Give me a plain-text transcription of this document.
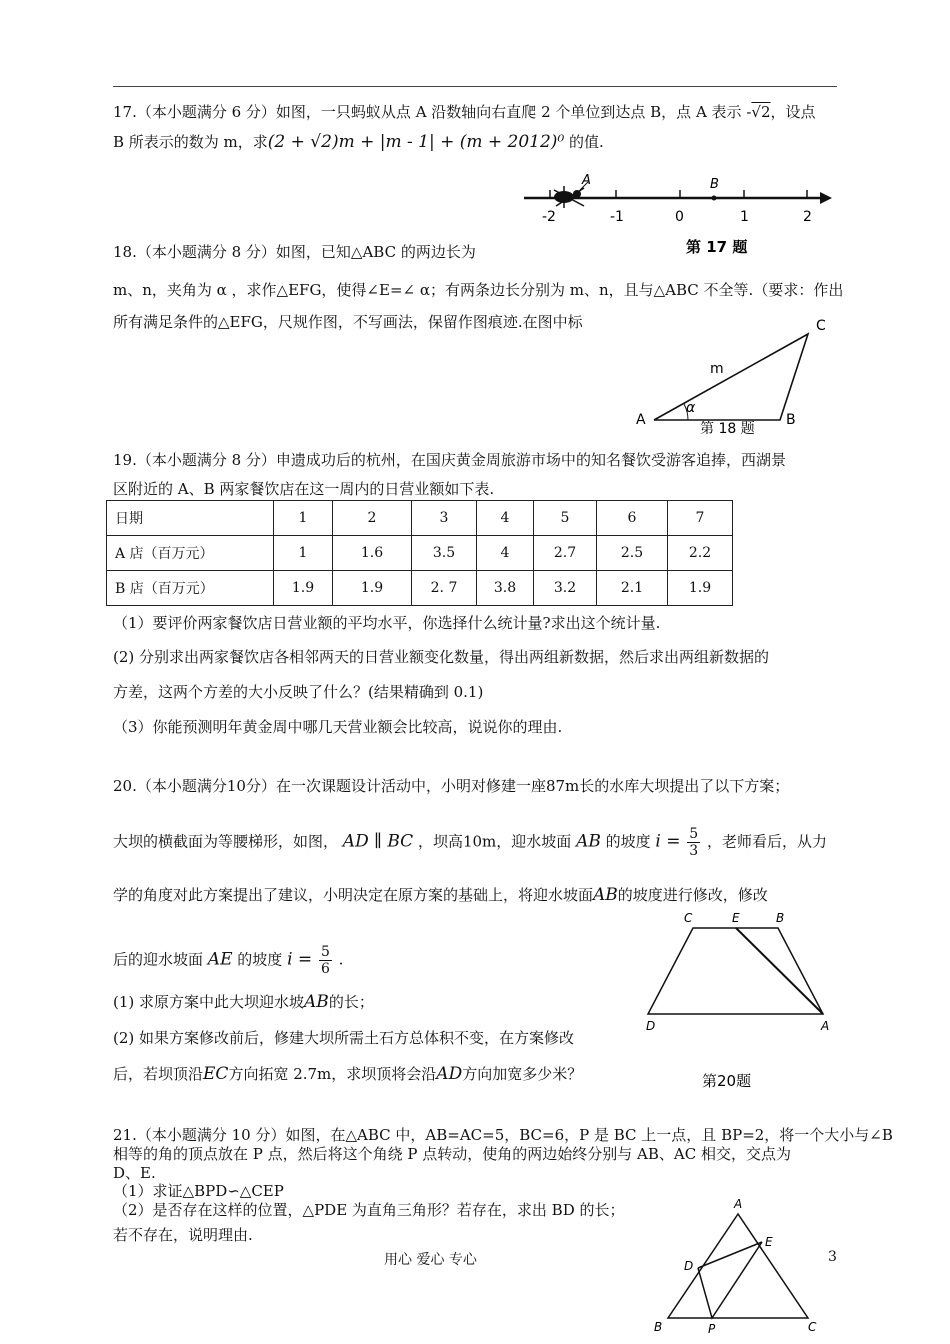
17.（本小题满分 6 分）如图，一只蚂蚁从点 A 沿数轴向右直爬 2 个单位到达点 B，点 A 表示 -√2，设点
B 所表示的数为 m，求(2 + √2)m + |m - 1| + (m + 2012)⁰ 的值.
-2	-1	0	1	2
A	B
第 17 题
18.（本小题满分 8 分）如图，已知△ABC 的两边长为
m、n，夹角为 α ，求作△EFG，使得∠E=∠ α；有两条边长分别为 m、n，且与△ABC 不全等.（要求：作出
所有满足条件的△EFG，尺规作图，不写画法，保留作图痕迹.在图中标
A	B
C
m
α
第 18 题
19.（本小题满分 8 分）申遗成功后的杭州，在国庆黄金周旅游市场中的知名餐饮受游客追捧，西湖景
区附近的 A、B 两家餐饮店在这一周内的日营业额如下表.
日期	1	2	3	4	5	6	7
A 店（百万元）	1	1.6	3.5	4	2.7	2.5	2.2
B 店（百万元）	1.9	1.9	2. 7	3.8	3.2	2.1	1.9
（1）要评价两家餐饮店日营业额的平均水平，你选择什么统计量?求出这个统计量.
(2) 分别求出两家餐饮店各相邻两天的日营业额变化数量，得出两组新数据，然后求出两组新数据的
方差，这两个方差的大小反映了什么？(结果精确到 0.1)
（3）你能预测明年黄金周中哪几天营业额会比较高，说说你的理由.
20.（本小题满分10分）在一次课题设计活动中，小明对修建一座87m长的水库大坝提出了以下方案；
大坝的横截面为等腰梯形，如图， AD ∥ BC ，坝高10m，迎水坡面 AB 的坡度 $i = \frac{5}{3}$ ，老师看后，从力
学的角度对此方案提出了建议，小明决定在原方案的基础上，将迎水坡面AB的坡度进行修改，修改
后的迎水坡面 AE 的坡度 $i = \frac{5}{6}$ .
(1) 求原方案中此大坝迎水坡AB的长；
(2) 如果方案修改前后，修建大坝所需土石方总体积不变，在方案修改
后，若坝顶沿EC方向拓宽 2.7m，求坝顶将会沿AD方向加宽多少米？
C	E	B
D	A
第20题
21.（本小题满分 10 分）如图，在△ABC 中，AB=AC=5，BC=6，P 是 BC 上一点，且 BP=2，将一个大小与∠B
相等的角的顶点放在 P 点，然后将这个角绕 P 点转动，使角的两边始终分别与 AB、AC 相交，交点为
D、E.
（1）求证△BPD∽△CEP
（2）是否存在这样的位置，△PDE 为直角三角形？若存在，求出 BD 的长；
若不存在，说明理由.
A
E
D
B	P	C
用心 爱心 专心	3
